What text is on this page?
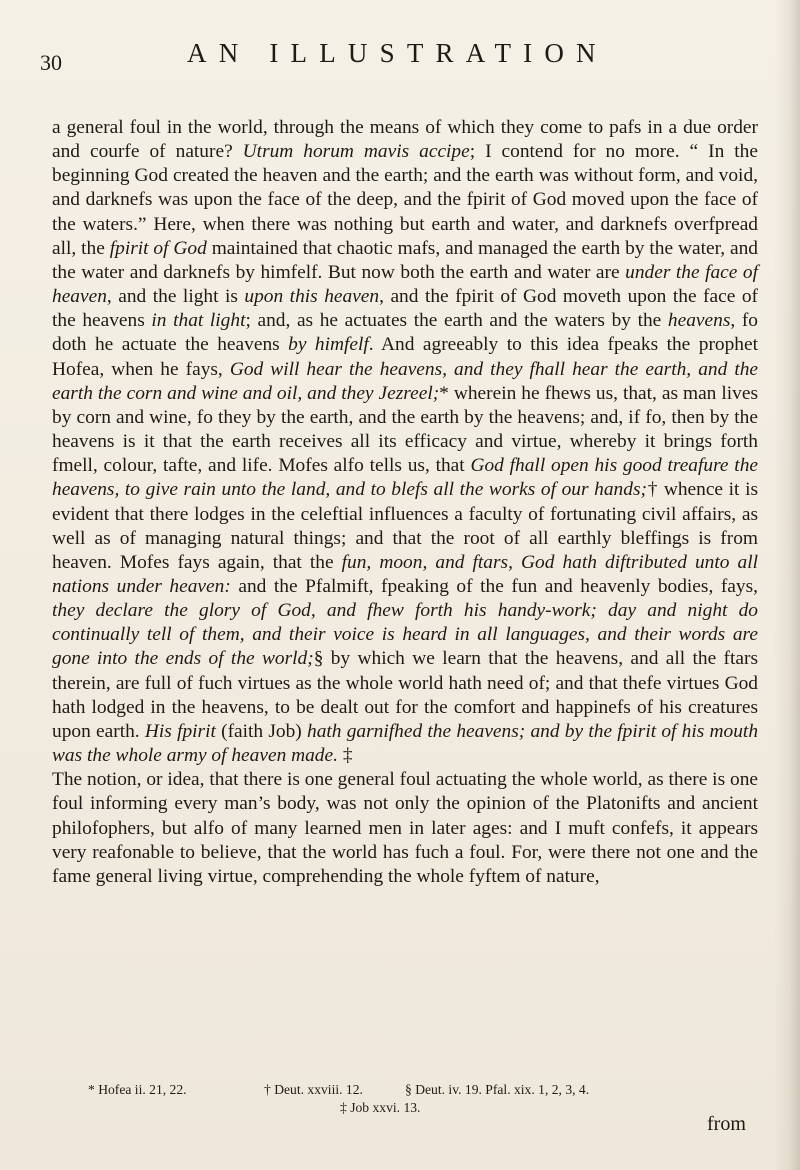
30	AN ILLUSTRATION

a general foul in the world, through the means of which they come to pafs in a due order and courfe of nature? Utrum horum mavis accipe; I contend for no more. “ In the beginning God created the heaven and the earth; and the earth was without form, and void, and darknefs was upon the face of the deep, and the fpirit of God moved upon the face of the waters.” Here, when there was nothing but earth and water, and darknefs overfpread all, the fpirit of God maintained that chaotic mafs, and managed the earth by the water, and the water and darknefs by himfelf. But now both the earth and water are under the face of heaven, and the light is upon this heaven, and the fpirit of God moveth upon the face of the heavens in that light; and, as he actuates the earth and the waters by the heavens, fo doth he actuate the heavens by himfelf. And agreeably to this idea fpeaks the prophet Hofea, when he fays, God will hear the heavens, and they fhall hear the earth, and the earth the corn and wine and oil, and they Jezreel;* wherein he fhews us, that, as man lives by corn and wine, fo they by the earth, and the earth by the heavens; and, if fo, then by the heavens is it that the earth receives all its efficacy and virtue, whereby it brings forth fmell, colour, tafte, and life. Mofes alfo tells us, that God fhall open his good treafure the heavens, to give rain unto the land, and to blefs all the works of our hands;† whence it is evident that there lodges in the celeftial influences a faculty of fortunating civil affairs, as well as of managing natural things; and that the root of all earthly bleffings is from heaven. Mofes fays again, that the fun, moon, and ftars, God hath diftributed unto all nations under heaven: and the Pfalmift, fpeaking of the fun and heavenly bodies, fays, they declare the glory of God, and fhew forth his handy-work; day and night do continually tell of them, and their voice is heard in all languages, and their words are gone into the ends of the world;§ by which we learn that the heavens, and all the ftars therein, are full of fuch virtues as the whole world hath need of; and that thefe virtues God hath lodged in the heavens, to be dealt out for the comfort and happinefs of his creatures upon earth. His fpirit (faith Job) hath garnifhed the heavens; and by the fpirit of his mouth was the whole army of heaven made. ‡

The notion, or idea, that there is one general foul actuating the whole world, as there is one foul informing every man’s body, was not only the opinion of the Platonifts and ancient philofophers, but alfo of many learned men in later ages: and I muft confefs, it appears very reafonable to believe, that the world has fuch a foul. For, were there not one and the fame general living virtue, comprehending the whole fyftem of nature,

* Hofea ii. 21, 22.	† Deut. xxviii. 12.	§ Deut. iv. 19. Pfal. xix. 1, 2, 3, 4.
‡ Job xxvi. 13.
from
